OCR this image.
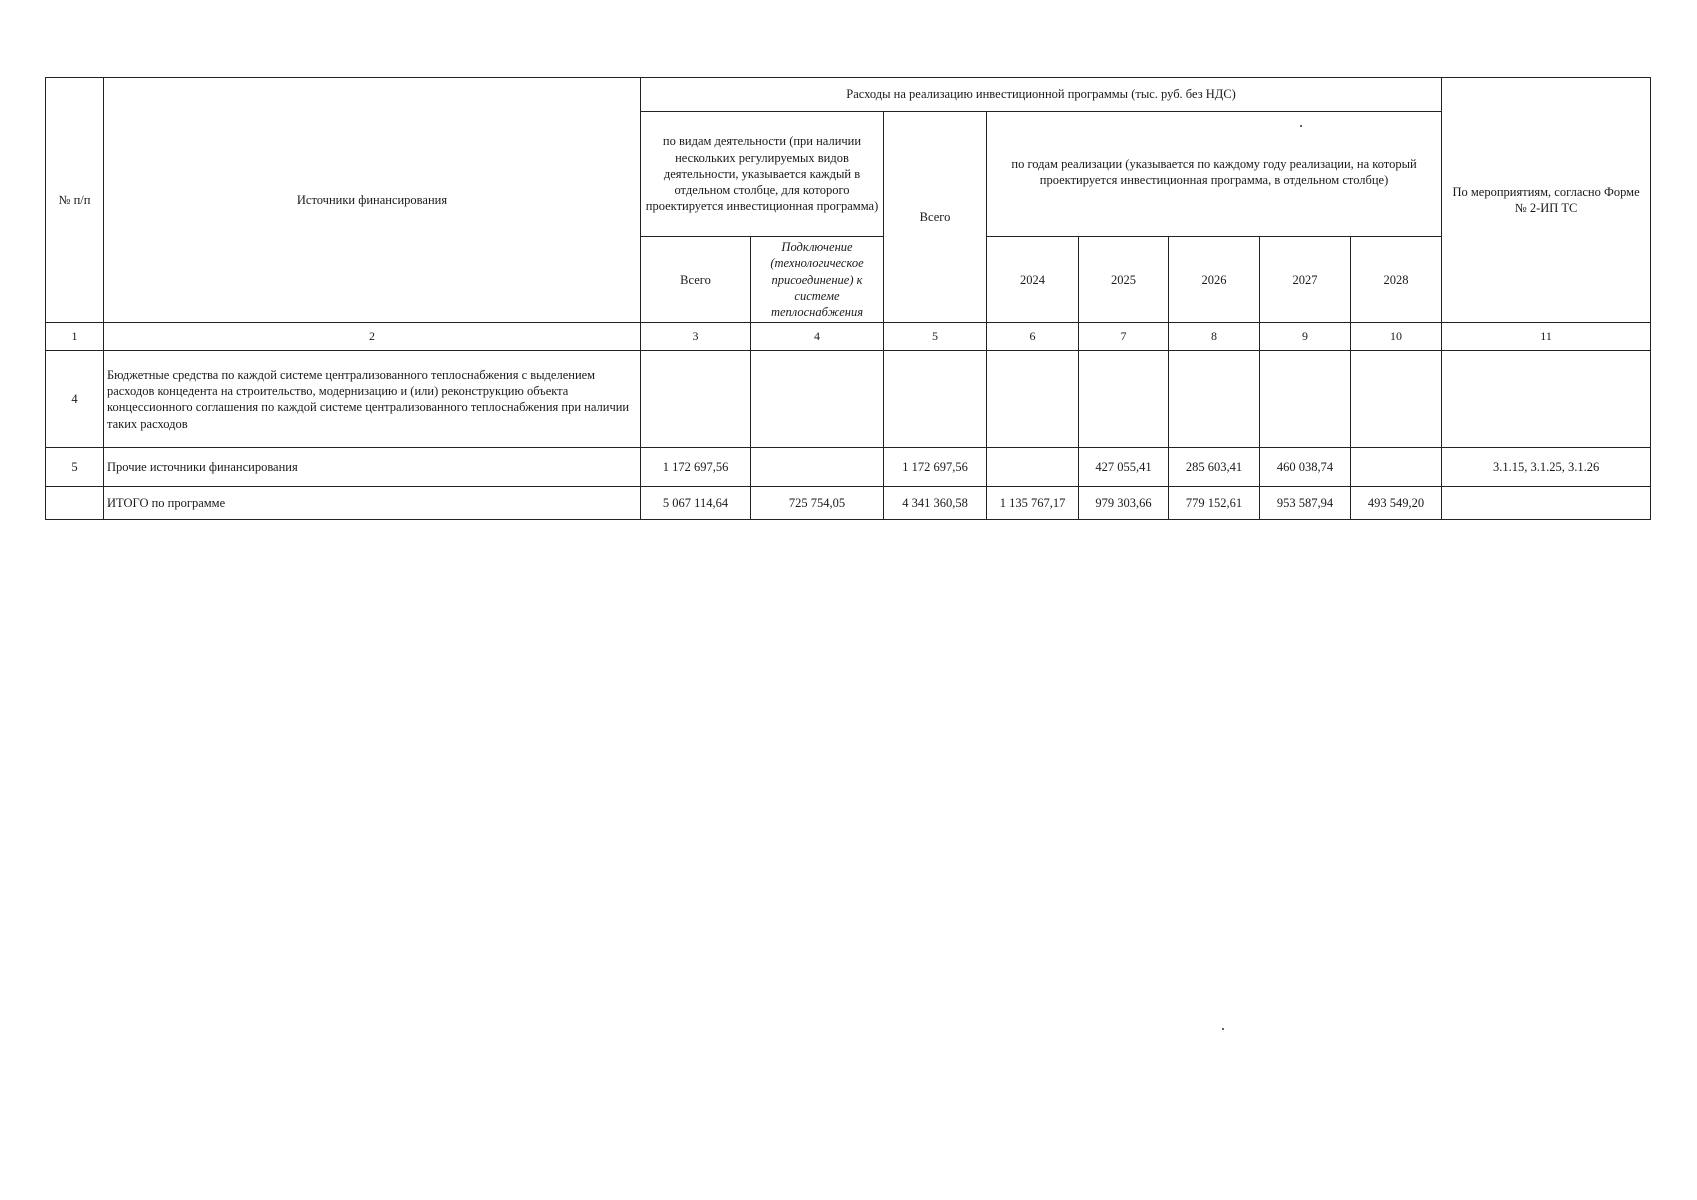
№ п/п	Источники финансирования	Расходы на реализацию инвестиционной программы (тыс. руб. без НДС)								По мероприятиям, согласно Форме № 2-ИП ТС
		по видам деятельности (при наличии нескольких регулируемых видов деятельности, указывается каждый в отдельном столбце, для которого проектируется инвестиционная программа)		Всего	по годам реализации (указывается по каждому году реализации, на который проектируется инвестиционная программа, в отдельном столбце)					
		Всего	Подключение (технологическое присоединение) к системе теплоснабжения		2024	2025	2026	2027	2028	
1	2	3	4	5	6	7	8	9	10	11
4	Бюджетные средства по каждой системе централизованного теплоснабжения с выделением расходов концедента на строительство, модернизацию и (или) реконструкцию объекта концессионного соглашения по каждой системе централизованного теплоснабжения при наличии таких расходов									
5	Прочие источники финансирования	1 172 697,56		1 172 697,56		427 055,41	285 603,41	460 038,74		3.1.15, 3.1.25, 3.1.26
	ИТОГО по программе	5 067 114,64	725 754,05	4 341 360,58	1 135 767,17	979 303,66	779 152,61	953 587,94	493 549,20	
